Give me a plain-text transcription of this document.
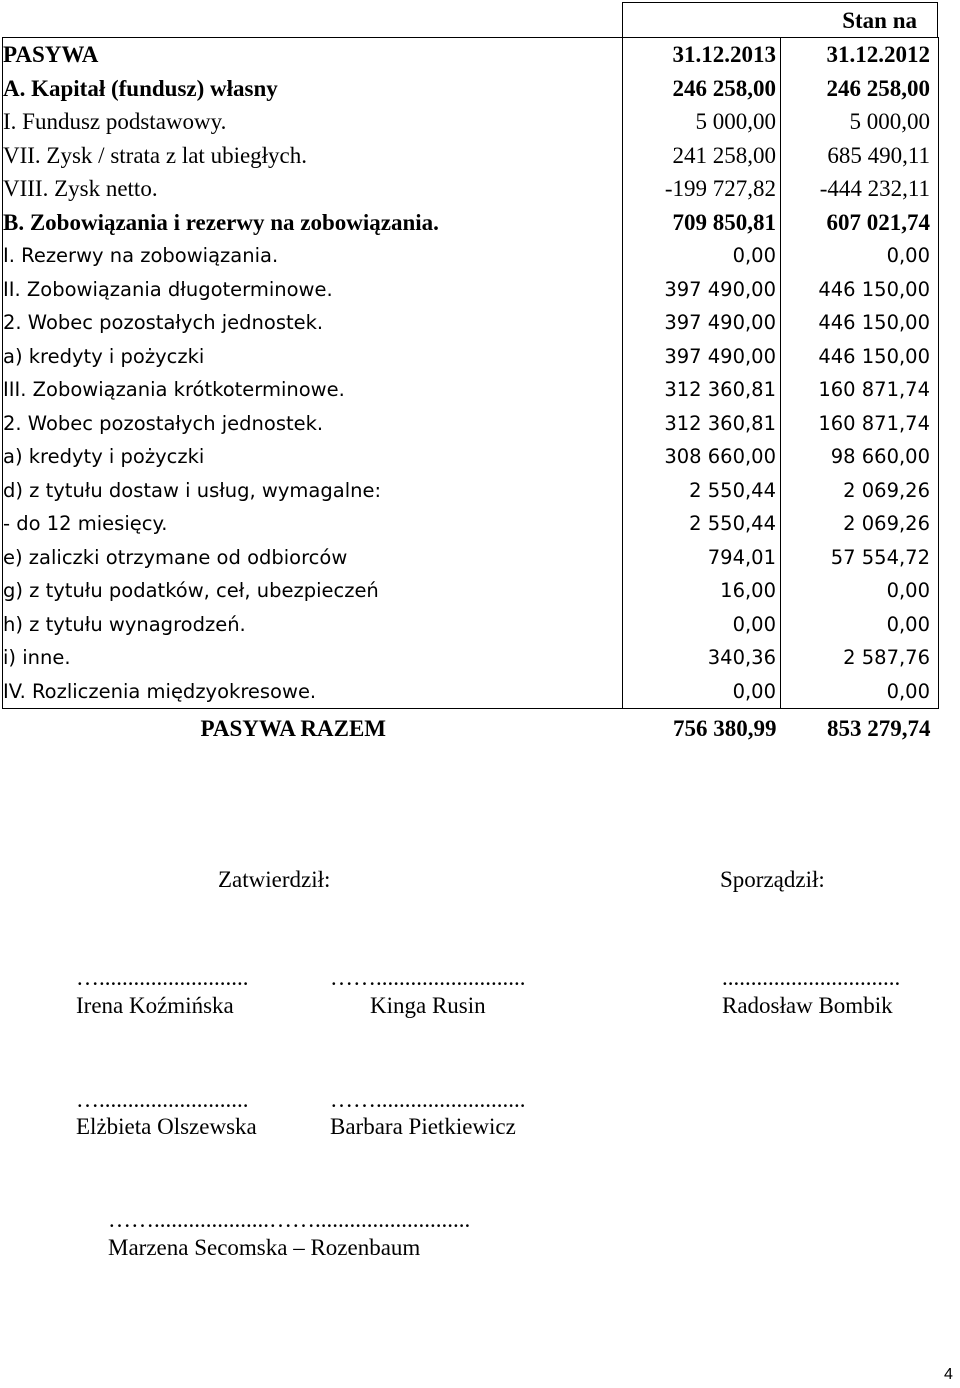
Stan na
PASYWA	31.12.2013	31.12.2012
A. Kapitał (fundusz) własny	246 258,00	246 258,00
I. Fundusz podstawowy.	5 000,00	5 000,00
VII. Zysk / strata z lat ubiegłych.	241 258,00	685 490,11
VIII. Zysk netto.	-199 727,82	-444 232,11
B. Zobowiązania i rezerwy na zobowiązania.	709 850,81	607 021,74
I. Rezerwy na zobowiązania.	0,00	0,00
II. Zobowiązania długoterminowe.	397 490,00	446 150,00
2. Wobec pozostałych jednostek.	397 490,00	446 150,00
a) kredyty i pożyczki	397 490,00	446 150,00
III. Zobowiązania krótkoterminowe.	312 360,81	160 871,74
2. Wobec pozostałych jednostek.	312 360,81	160 871,74
a) kredyty i pożyczki	308 660,00	98 660,00
d) z tytułu dostaw i usług, wymagalne:	2 550,44	2 069,26
- do 12 miesięcy.	2 550,44	2 069,26
e) zaliczki otrzymane od odbiorców	794,01	57 554,72
g) z tytułu podatków, ceł, ubezpieczeń	16,00	0,00
h) z tytułu wynagrodzeń.	0,00	0,00
i) inne.	340,36	2 587,76
IV. Rozliczenia międzyokresowe.	0,00	0,00
PASYWA RAZEM	756 380,99	853 279,74
Zatwierdził:	Sporządził:
…..........................	……..........................	...............................
Irena Koźmińska	Kinga Rusin	Radosław Bombik
…..........................	……..........................
Elżbieta Olszewska	Barbara Pietkiewicz
……....................……...........................
Marzena Secomska – Rozenbaum
4
